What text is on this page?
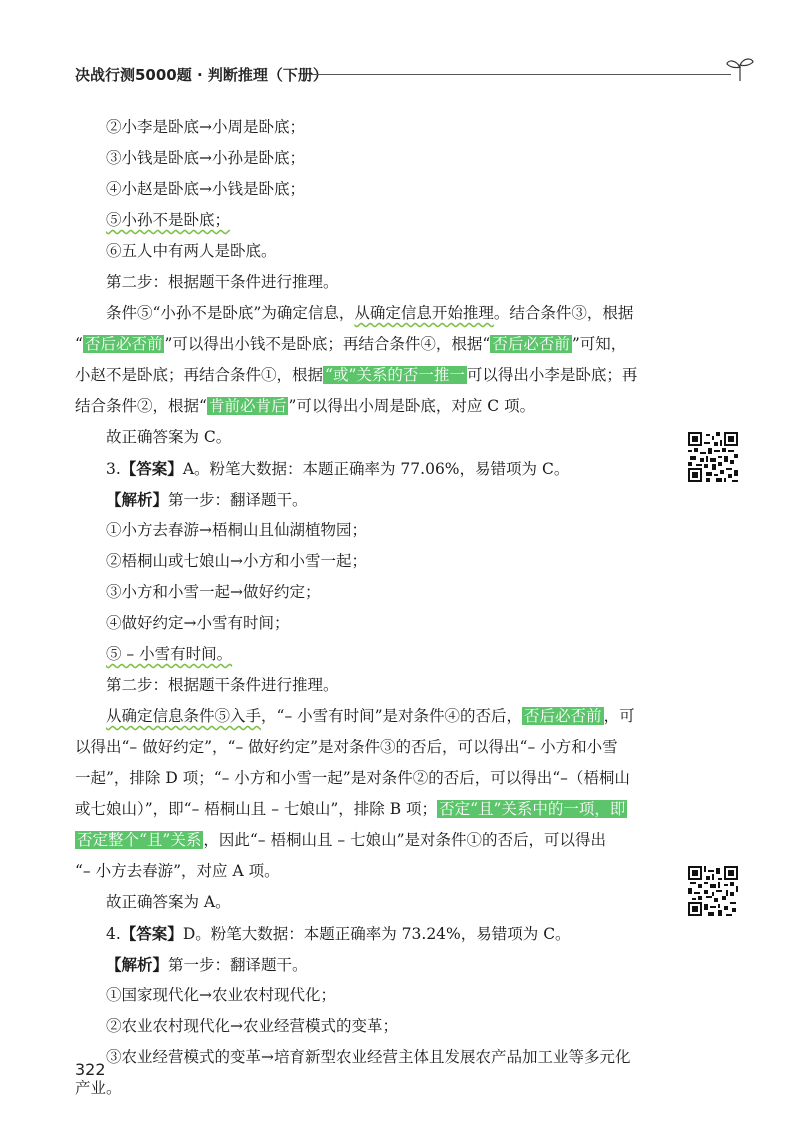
决战行测5000题 · 判断推理（下册）
②小李是卧底→小周是卧底；
③小钱是卧底→小孙是卧底；
④小赵是卧底→小钱是卧底；
⑤小孙不是卧底；
⑥五人中有两人是卧底。
第二步：根据题干条件进行推理。
条件⑤“小孙不是卧底”为确定信息，从确定信息开始推理。结合条件③，根据
“ 否后必否前 ”可以得出小钱不是卧底；再结合条件④，根据“ 否后必否前 ”可知，
小赵不是卧底；再结合条件①，根据 “或”关系的否一推一 可以得出小李是卧底；再
结合条件②，根据“ 肯前必肯后 ”可以得出小周是卧底，对应 C 项。
故正确答案为 C。
3.【答案】A。粉笔大数据：本题正确率为 77.06%，易错项为 C。
【解析】第一步：翻译题干。
①小方去春游→梧桐山且仙湖植物园；
②梧桐山或七娘山→小方和小雪一起；
③小方和小雪一起→做好约定；
④做好约定→小雪有时间；
⑤ – 小雪有时间。
第二步：根据题干条件进行推理。
从确定信息条件⑤入手，“– 小雪有时间”是对条件④的否后， 否后必否前 ，可
以得出“– 做好约定”，“– 做好约定”是对条件③的否后，可以得出“– 小方和小雪
一起”，排除 D 项；“– 小方和小雪一起”是对条件②的否后，可以得出“–（梧桐山
或七娘山）”，即“– 梧桐山且 – 七娘山”，排除 B 项； 否定“且”关系中的一项，即
否定整个“且”关系 ，因此“– 梧桐山且 – 七娘山”是对条件①的否后，可以得出
“– 小方去春游”，对应 A 项。
故正确答案为 A。
4.【答案】D。粉笔大数据：本题正确率为 73.24%，易错项为 C。
【解析】第一步：翻译题干。
①国家现代化→农业农村现代化；
②农业农村现代化→农业经营模式的变革；
③农业经营模式的变革→培育新型农业经营主体且发展农产品加工业等多元化
产业。
322
